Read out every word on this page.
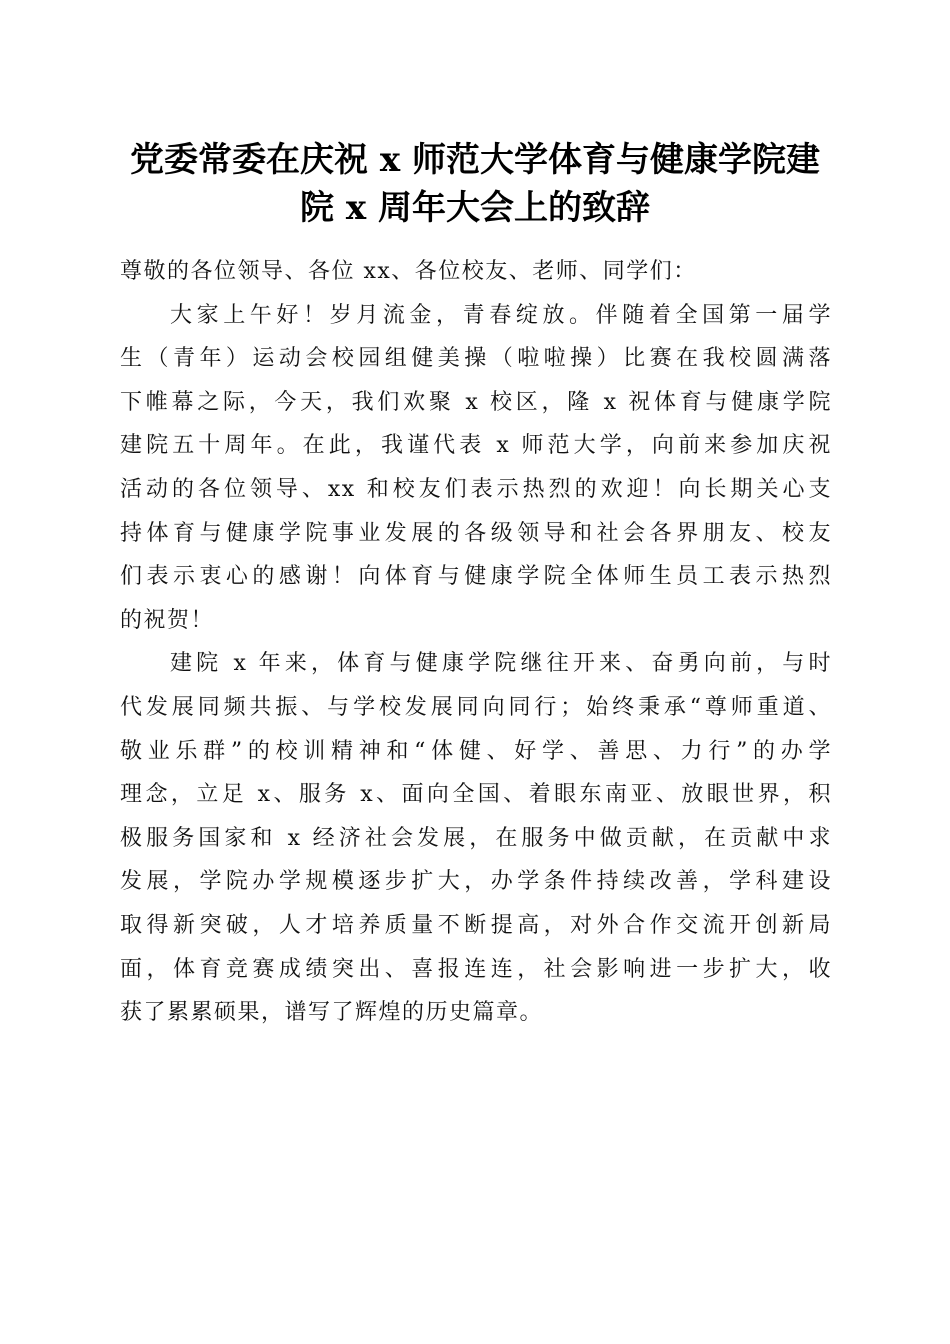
党委常委在庆祝 x 师范大学体育与健康学院建
院 x 周年大会上的致辞

尊敬的各位领导、各位 xx、各位校友、老师、同学们：

大家上午好！岁月流金，青春绽放。伴随着全国第一届学
生（青年）运动会校园组健美操（啦啦操）比赛在我校圆满落
下帷幕之际，今天，我们欢聚 x 校区，隆 x 祝体育与健康学院
建院五十周年。在此，我谨代表 x 师范大学，向前来参加庆祝
活动的各位领导、xx 和校友们表示热烈的欢迎！向长期关心支
持体育与健康学院事业发展的各级领导和社会各界朋友、校友
们表示衷心的感谢！向体育与健康学院全体师生员工表示热烈
的祝贺！
建院 x 年来，体育与健康学院继往开来、奋勇向前，与时
代发展同频共振、与学校发展同向同行；始终秉承“尊师重道、
敬业乐群”的校训精神和“体健、好学、善思、力行”的办学
理念，立足 x、服务 x、面向全国、着眼东南亚、放眼世界，积
极服务国家和 x 经济社会发展，在服务中做贡献，在贡献中求
发展，学院办学规模逐步扩大，办学条件持续改善，学科建设
取得新突破，人才培养质量不断提高，对外合作交流开创新局
面，体育竞赛成绩突出、喜报连连，社会影响进一步扩大，收
获了累累硕果，谱写了辉煌的历史篇章。
